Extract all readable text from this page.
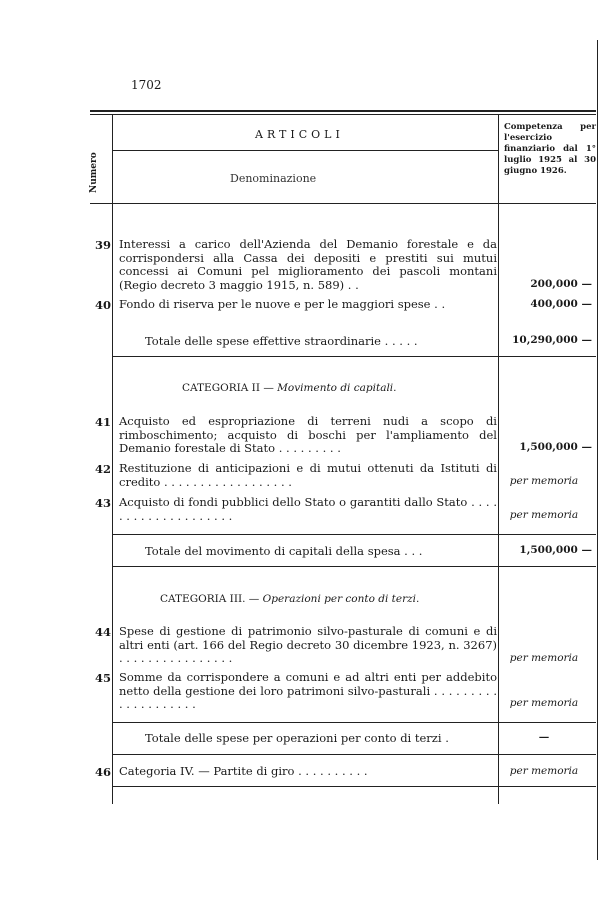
1702
ARTICOLI
Numero	Denominazione
Competenza per l'esercizio finanziario dal 1° luglio 1925 al 30 giugno 1926.
39 Interessi a carico dell'Azienda del Demanio forestale e da corrispondersi alla Cassa dei depositi e prestiti sui mutui concessi ai Comuni pel miglioramento dei pascoli montani (Regio decreto 3 maggio 1915, n. 589) . .	200,000 —
40 Fondo di riserva per le nuove e per le maggiori spese . .	400,000 —
Totale delle spese effettive straordinarie . . . . .	10,290,000 —
CATEGORIA II — Movimento di capitali.
41 Acquisto ed espropriazione di terreni nudi a scopo di rimboschimento; acquisto di boschi per l'ampliamento del Demanio forestale di Stato . . . . . . . . .	1,500,000 —
42 Restituzione di anticipazioni e di mutui ottenuti da Istituti di credito . . . . . . . . . . . . . . . . . .	per memoria
43 Acquisto di fondi pubblici dello Stato o garantiti dallo Stato . . . . . . . . . . . . . . . . . . . .	per memoria
Totale del movimento di capitali della spesa . . .	1,500,000 —
CATEGORIA III. — Operazioni per conto di terzi.
44 Spese di gestione di patrimonio silvo-pasturale di comuni e di altri enti (art. 166 del Regio decreto 30 dicembre 1923, n. 3267) . . . . . . . . . . . . . . . .	per memoria
45 Somme da corrispondere a comuni e ad altri enti per addebito netto della gestione dei loro patrimoni silvo-pasturali . . . . . . . . . . . . . . . . . . . .	per memoria
Totale delle spese per operazioni per conto di terzi .	—
46 Categoria IV. — Partite di giro . . . . . . . . . .	per memoria
